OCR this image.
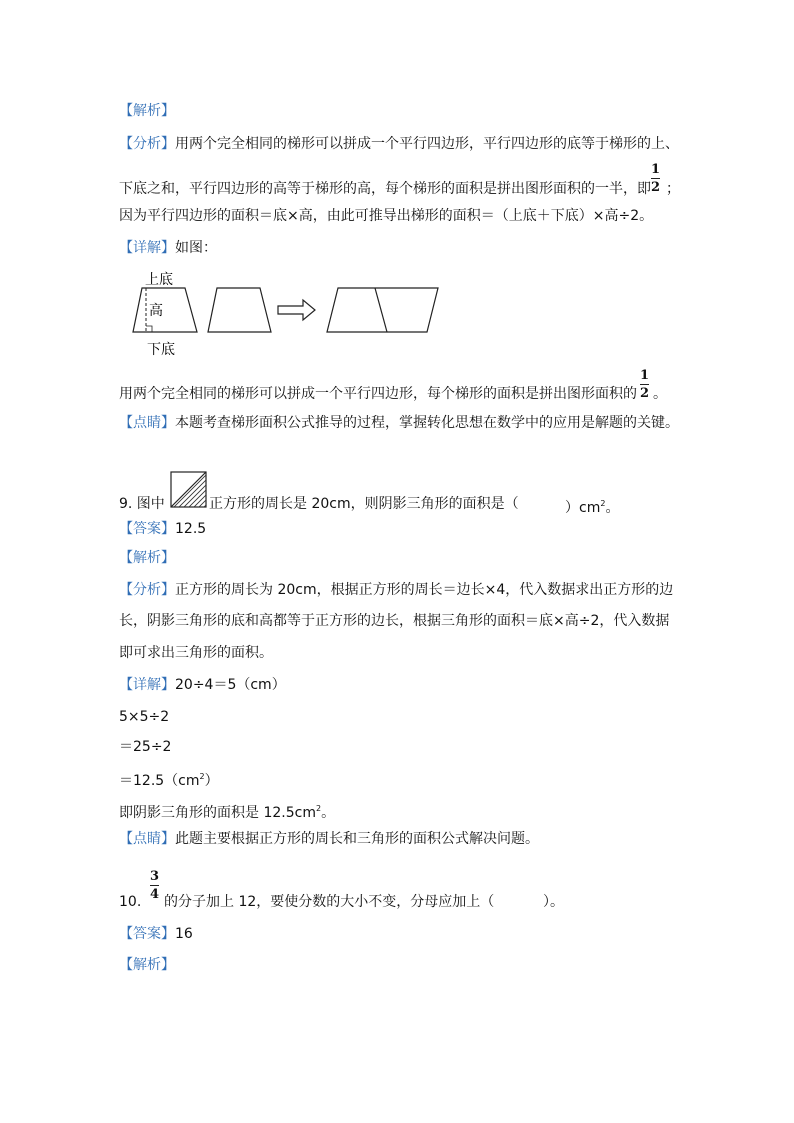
【解析】
【分析】用两个完全相同的梯形可以拼成一个平行四边形，平行四边形的底等于梯形的上、
下底之和，平行四边形的高等于梯形的高，每个梯形的面积是拼出图形面积的一半，即
1
2 ；
因为平行四边形的面积＝底×高，由此可推导出梯形的面积＝（上底＋下底）×高÷2。
【详解】如图：
上底
高
下底
用两个完全相同的梯形可以拼成一个平行四边形，每个梯形的面积是拼出图形面积的
1
2 。
【点睛】本题考查梯形面积公式推导的过程，掌握转化思想在数学中的应用是解题的关键。
9. 图中	正方形的周长是 20cm，则阴影三角形的面积是（	）$cm^2$。
【答案】12.5
【解析】
【分析】正方形的周长为 20cm，根据正方形的周长＝边长×4，代入数据求出正方形的边
长，阴影三角形的底和高都等于正方形的边长，根据三角形的面积＝底×高÷2，代入数据
即可求出三角形的面积。
【详解】20÷4＝5（cm）
5×5÷2
＝25÷2
$=12.5(cm^2)$
即阴影三角形的面积是 $12.5cm^2$。
【点睛】此题主要根据正方形的周长和三角形的面积公式解决问题。
10.
3
4 的分子加上 12，要使分数的大小不变，分母应加上（	）。
【答案】16
【解析】
